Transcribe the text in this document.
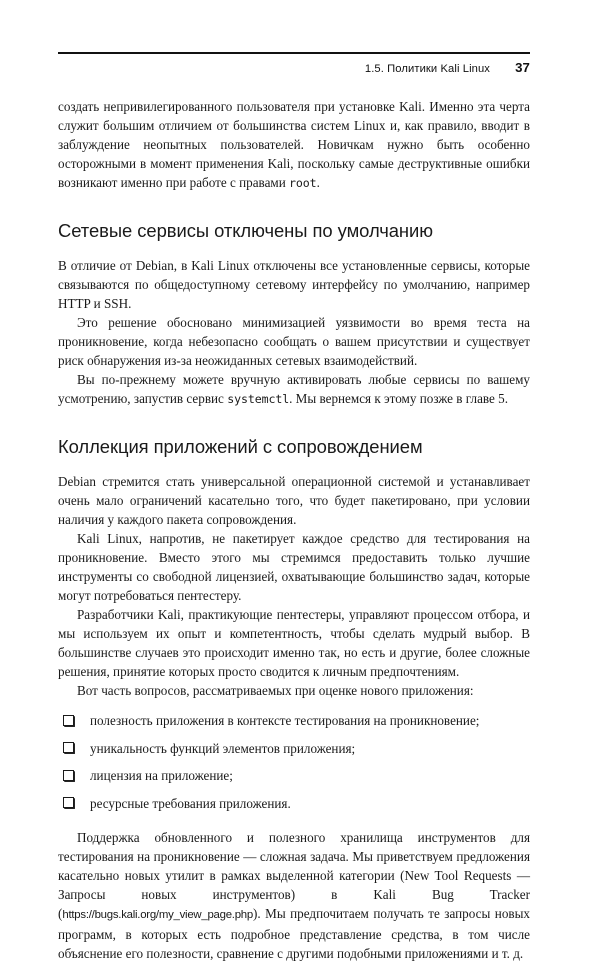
1.5. Политики Kali Linux 37

создать непривилегированного пользователя при установке Kali. Именно эта черта служит большим отличием от большинства систем Linux и, как правило, вводит в заблуждение неопытных пользователей. Новичкам нужно быть особенно осторожными в момент применения Kali, поскольку самые деструктивные ошибки возникают именно при работе с правами root.

Сетевые сервисы отключены по умолчанию

В отличие от Debian, в Kali Linux отключены все установленные сервисы, которые связываются по общедоступному сетевому интерфейсу по умолчанию, например HTTP и SSH.

Это решение обосновано минимизацией уязвимости во время теста на проникновение, когда небезопасно сообщать о вашем присутствии и существует риск обнаружения из-за неожиданных сетевых взаимодействий.

Вы по-прежнему можете вручную активировать любые сервисы по вашему усмотрению, запустив сервис systemctl. Мы вернемся к этому позже в главе 5.

Коллекция приложений с сопровождением

Debian стремится стать универсальной операционной системой и устанавливает очень мало ограничений касательно того, что будет пакетировано, при условии наличия у каждого пакета сопровождения.

Kali Linux, напротив, не пакетирует каждое средство для тестирования на проникновение. Вместо этого мы стремимся предоставить только лучшие инструменты со свободной лицензией, охватывающие большинство задач, которые могут потребоваться пентестеру.

Разработчики Kali, практикующие пентестеры, управляют процессом отбора, и мы используем их опыт и компетентность, чтобы сделать мудрый выбор. В большинстве случаев это происходит именно так, но есть и другие, более сложные решения, принятие которых просто сводится к личным предпочтениям.

Вот часть вопросов, рассматриваемых при оценке нового приложения:

полезность приложения в контексте тестирования на проникновение;
уникальность функций элементов приложения;
лицензия на приложение;
ресурсные требования приложения.

Поддержка обновленного и полезного хранилища инструментов для тестирования на проникновение — сложная задача. Мы приветствуем предложения касательно новых утилит в рамках выделенной категории (New Tool Requests — Запросы новых инструментов) в Kali Bug Tracker (https://bugs.kali.org/my_view_page.php). Мы предпочитаем получать те запросы новых программ, в которых есть подробное представление средства, в том числе объяснение его полезности, сравнение с другими подобными приложениями и т. д.
